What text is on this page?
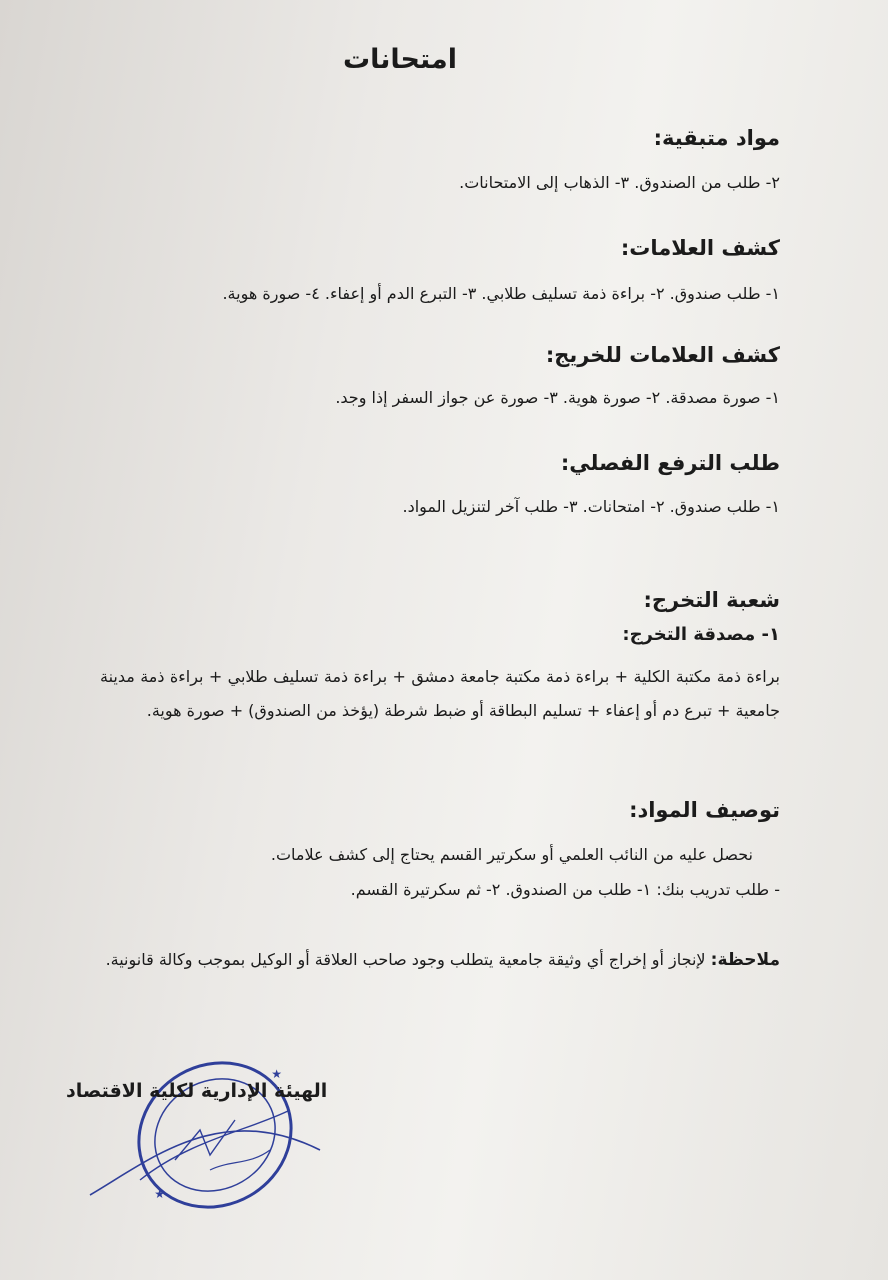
امتحانات
مواد متبقية:

٢- طلب من الصندوق. ٣- الذهاب إلى الامتحانات.

كشف العلامات:

١- طلب صندوق. ٢- براءة ذمة تسليف طلابي. ٣- التبرع الدم أو إعفاء. ٤- صورة هوية.

كشف العلامات للخريج:

١- صورة مصدقة. ٢- صورة هوية. ٣- صورة عن جواز السفر إذا وجد.

طلب الترفع الفصلي:

١- طلب صندوق. ٢- امتحانات. ٣- طلب آخر لتنزيل المواد.

شعبة التخرج:
١- مصدقة التخرج:

براءة ذمة مكتبة الكلية + براءة ذمة مكتبة جامعة دمشق + براءة ذمة تسليف طلابي + براءة ذمة مدينة جامعية + تبرع دم أو إعفاء + تسليم البطاقة أو ضبط شرطة (يؤخذ من الصندوق) + صورة هوية.

توصيف المواد:

نحصل عليه من النائب العلمي أو سكرتير القسم يحتاج إلى كشف علامات.

- طلب تدريب بنك: ١- طلب من الصندوق. ٢- ثم سكرتيرة القسم.

ملاحظة: لإنجاز أو إخراج أي وثيقة جامعية يتطلب وجود صاحب العلاقة أو الوكيل بموجب وكالة قانونية.

★
★
الهيئة الإدارية لكلية الاقتصاد
